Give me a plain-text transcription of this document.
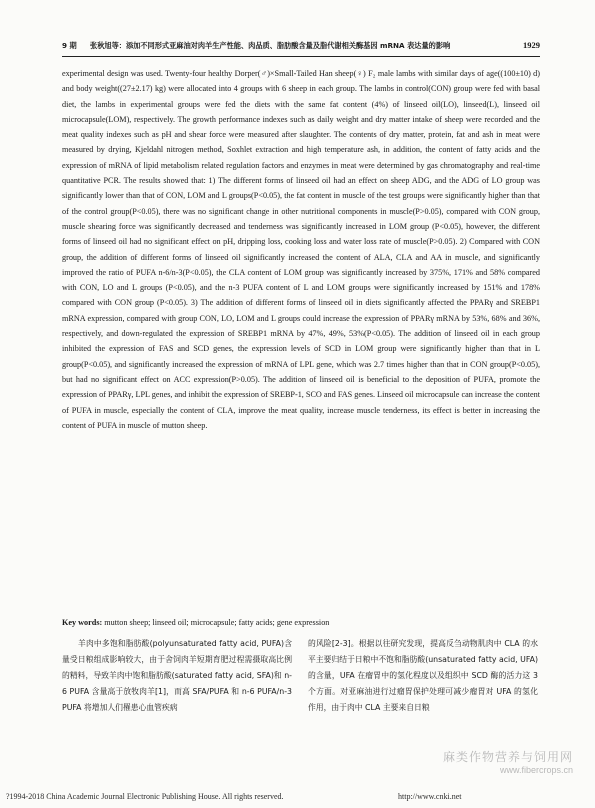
9 期 张秋旭等：添加不同形式亚麻油对肉羊生产性能、肉品质、脂肪酸含量及脂代谢相关酶基因 mRNA 表达量的影响	1929

experimental design was used. Twenty-four healthy Dorper(♂)×Small-Tailed Han sheep(♀) F₂ male lambs with similar days of age((100±10) d) and body weight((27±2.17) kg) were allocated into 4 groups with 6 sheep in each group. The lambs in control(CON) group were fed with basal diet, the lambs in experimental groups were fed the diets with the same fat content (4%) of linseed oil(LO), linseed(L), linseed oil microcapsule(LOM), respectively. The growth performance indexes such as daily weight and dry matter intake of sheep were recorded and the meat quality indexes such as pH and shear force were measured after slaughter. The contents of dry matter, protein, fat and ash in meat were measured by drying, Kjeldahl nitrogen method, Soxhlet extraction and high temperature ash, in addition, the content of fatty acids and the expression of mRNA of lipid metabolism related regulation factors and enzymes in meat were determined by gas chromatography and real-time quantitative PCR. The results showed that: 1) The different forms of linseed oil had an effect on sheep ADG, and the ADG of LO group was significantly lower than that of CON, LOM and L groups(P<0.05), the fat content in muscle of the test groups were significantly higher than that of the control group(P<0.05), there was no significant change in other nutritional components in muscle(P>0.05), compared with CON group, muscle shearing force was significantly decreased and tenderness was significantly increased in LOM group (P<0.05), however, the different forms of linseed oil had no significant effect on pH, dripping loss, cooking loss and water loss rate of muscle(P>0.05). 2) Compared with CON group, the addition of different forms of linseed oil significantly increased the content of ALA, CLA and AA in muscle, and significantly improved the ratio of PUFA n-6/n-3(P<0.05), the CLA content of LOM group was significantly increased by 375%, 171% and 58% compared with CON, LO and L groups (P<0.05), and the n-3 PUFA content of L and LOM groups were significantly increased by 151% and 178% compared with CON group (P<0.05). 3) The addition of different forms of linseed oil in diets significantly affected the PPARγ and SREBP1 mRNA expression, compared with group CON, LO, LOM and L groups could increase the expression of PPARγ mRNA by 53%, 68% and 36%, respectively, and down-regulated the expression of SREBP1 mRNA by 47%, 49%, 53%(P<0.05). The addition of linseed oil in each group inhibited the expression of FAS and SCD genes, the expression levels of SCD in LOM group were significantly higher than that in L group(P<0.05), and significantly increased the expression of mRNA of LPL gene, which was 2.7 times higher than that in CON group(P<0.05), but had no significant effect on ACC expression(P>0.05). The addition of linseed oil is beneficial to the deposition of PUFA, promote the expression of PPARγ, LPL genes, and inhibit the expression of SREBP-1, SCO and FAS genes. Linseed oil microcapsule can increase the content of PUFA in muscle, especially the content of CLA, improve the meat quality, increase muscle tenderness, its effect is better in increasing the content of PUFA in muscle of mutton sheep.

Key words: mutton sheep; linseed oil; microcapsule; fatty acids; gene expression

羊肉中多饱和脂肪酸(polyunsaturated fatty acid, PUFA)含量受日粮组成影响较大，由于舍饲肉羊短期育肥过程需摄取高比例的精料，导致羊肉中饱和脂肪酸(saturated fatty acid, SFA)和 n-6 PUFA 含量高于放牧肉羊[1]，而高 SFA/PUFA 和 n-6 PUFA/n-3 PUFA 将增加人们罹患心血管疾病

的风险[2-3]。根据以往研究发现，提高反刍动物肌肉中 CLA 的水平主要归结于日粮中不饱和脂肪酸(unsaturated fatty acid, UFA)的含量，UFA 在瘤胃中的氢化程度以及组织中 SCD 酶的活力这 3 个方面。对亚麻油进行过瘤胃保护处理可减少瘤胃对 UFA 的氢化作用，由于肉中 CLA 主要来自日粮

麻类作物营养与饲用网
www.fibercrops.cn
?1994-2018 China Academic Journal Electronic Publishing House. All rights reserved.	http://www.cnki.net
